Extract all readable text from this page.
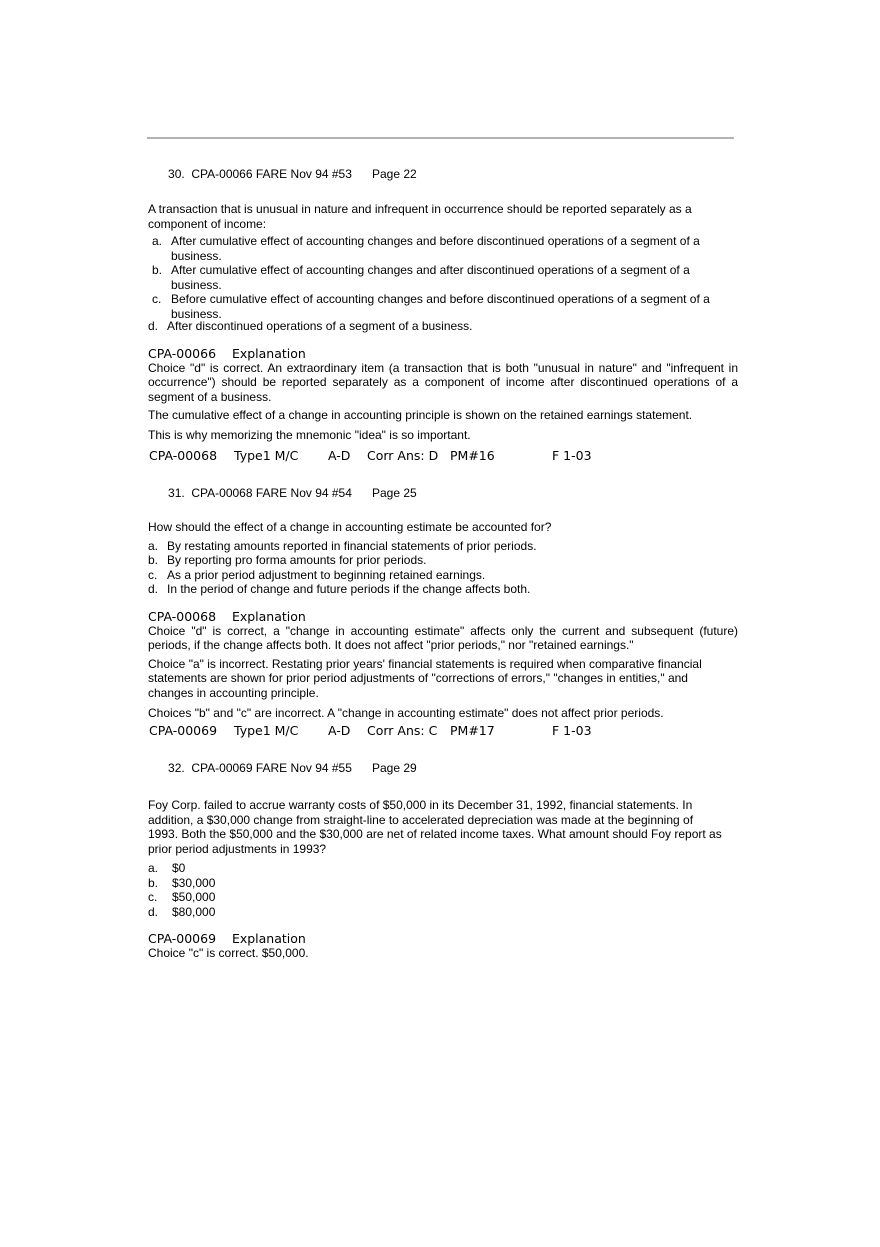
30.  CPA-00066 FARE Nov 94 #53 Page 22

A transaction that is unusual in nature and infrequent in occurrence should be reported separately as a component of income:
a. After cumulative effect of accounting changes and before discontinued operations of a segment of a business.
b. After cumulative effect of accounting changes and after discontinued operations of a segment of a business.
c. Before cumulative effect of accounting changes and before discontinued operations of a segment of a business.
d. After discontinued operations of a segment of a business.
CPA-00066 Explanation
Choice "d" is correct. An extraordinary item (a transaction that is both "unusual in nature" and "infrequent in occurrence") should be reported separately as a component of income after discontinued operations of a segment of a business.
The cumulative effect of a change in accounting principle is shown on the retained earnings statement.
This is why memorizing the mnemonic "idea" is so important.
CPA-00068 Type1 M/C A-D Corr Ans: D PM#16	F 1-03

31.  CPA-00068 FARE Nov 94 #54 Page 25

How should the effect of a change in accounting estimate be accounted for?
a. By restating amounts reported in financial statements of prior periods.
b. By reporting pro forma amounts for prior periods.
c. As a prior period adjustment to beginning retained earnings.
d. In the period of change and future periods if the change affects both.
CPA-00068 Explanation
Choice "d" is correct, a "change in accounting estimate" affects only the current and subsequent (future) periods, if the change affects both. It does not affect "prior periods," nor "retained earnings."
Choice "a" is incorrect. Restating prior years' financial statements is required when comparative financial statements are shown for prior period adjustments of "corrections of errors," "changes in entities," and changes in accounting principle.
Choices "b" and "c" are incorrect. A "change in accounting estimate" does not affect prior periods.
CPA-00069 Type1 M/C A-D Corr Ans: C PM#17	F 1-03

32.  CPA-00069 FARE Nov 94 #55 Page 29

Foy Corp. failed to accrue warranty costs of $50,000 in its December 31, 1992, financial statements. In addition, a $30,000 change from straight-line to accelerated depreciation was made at the beginning of 1993. Both the $50,000 and the $30,000 are net of related income taxes. What amount should Foy report as prior period adjustments in 1993?
a. $0
b. $30,000
c. $50,000
d. $80,000
CPA-00069 Explanation
Choice "c" is correct. $50,000.
